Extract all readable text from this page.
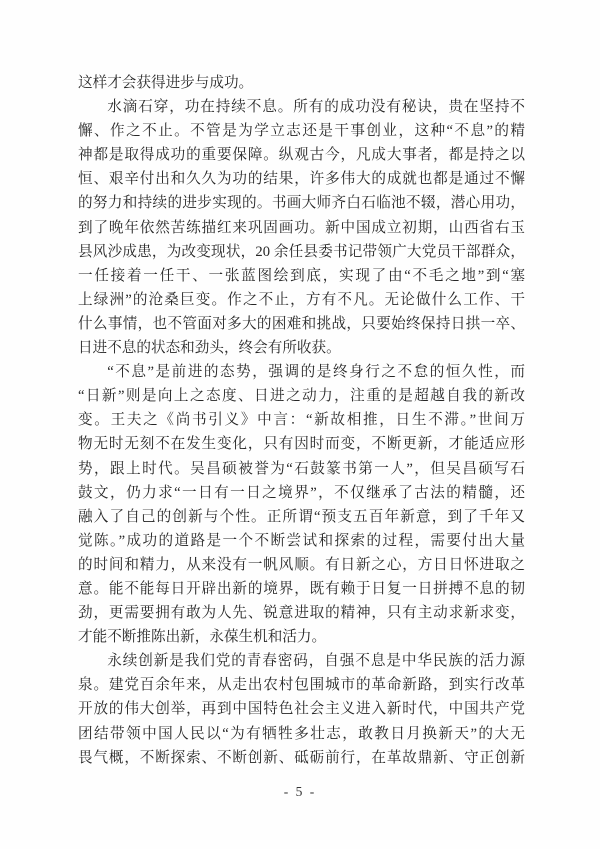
这样才会获得进步与成功。
水滴石穿，功在持续不息。所有的成功没有秘诀，贵在坚持不
懈、作之不止。不管是为学立志还是干事创业，这种“不息”的精
神都是取得成功的重要保障。纵观古今，凡成大事者，都是持之以
恒、艰辛付出和久久为功的结果，许多伟大的成就也都是通过不懈
的努力和持续的进步实现的。书画大师齐白石临池不辍，潜心用功，
到了晚年依然苦练描红来巩固画功。新中国成立初期，山西省右玉
县风沙成患，为改变现状，20 余任县委书记带领广大党员干部群众，
一任接着一任干、一张蓝图绘到底，实现了由“不毛之地”到“塞
上绿洲”的沧桑巨变。作之不止，方有不凡。无论做什么工作、干
什么事情，也不管面对多大的困难和挑战，只要始终保持日拱一卒、
日进不息的状态和劲头，终会有所收获。
“不息”是前进的态势，强调的是终身行之不怠的恒久性，而
“日新”则是向上之态度、日进之动力，注重的是超越自我的新改
变。王夫之《尚书引义》中言：“新故相推，日生不滞。”世间万
物无时无刻不在发生变化，只有因时而变，不断更新，才能适应形
势，跟上时代。吴昌硕被誉为“石鼓篆书第一人”，但吴昌硕写石
鼓文，仍力求“一日有一日之境界”，不仅继承了古法的精髓，还
融入了自己的创新与个性。正所谓“预支五百年新意，到了千年又
觉陈。”成功的道路是一个不断尝试和探索的过程，需要付出大量
的时间和精力，从来没有一帆风顺。有日新之心，方日日怀进取之
意。能不能每日开辟出新的境界，既有赖于日复一日拼搏不息的韧
劲，更需要拥有敢为人先、锐意进取的精神，只有主动求新求变，
才能不断推陈出新，永葆生机和活力。
永续创新是我们党的青春密码，自强不息是中华民族的活力源
泉。建党百余年来，从走出农村包围城市的革命新路，到实行改革
开放的伟大创举，再到中国特色社会主义进入新时代，中国共产党
团结带领中国人民以“为有牺牲多壮志，敢教日月换新天”的大无
畏气概，不断探索、不断创新、砥砺前行，在革故鼎新、守正创新
- 5 -
